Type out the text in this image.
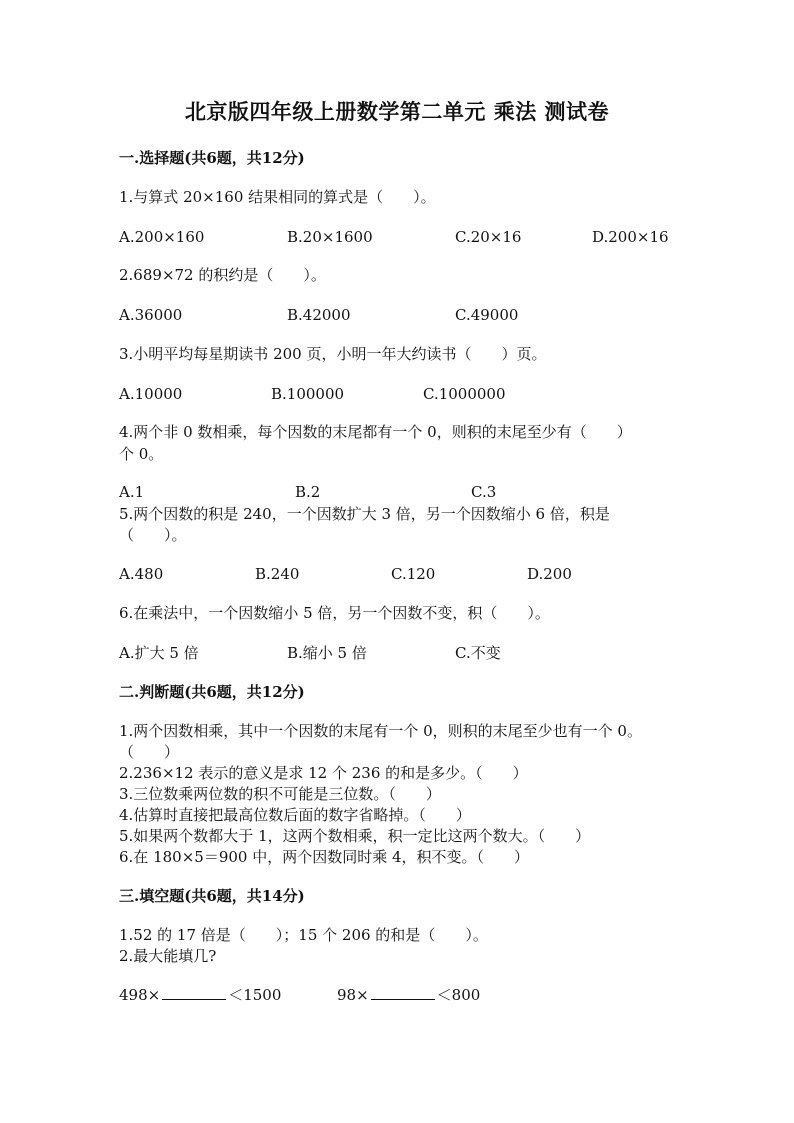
北京版四年级上册数学第二单元 乘法 测试卷
一.选择题(共6题，共12分)
1.与算式 20×160 结果相同的算式是（　　）。
A.200×160	B.20×1600	C.20×16	D.200×16
2.689×72 的积约是（　　）。
A.36000	B.42000	C.49000
3.小明平均每星期读书 200 页，小明一年大约读书（　　）页。
A.10000	B.100000	C.1000000
4.两个非 0 数相乘，每个因数的末尾都有一个 0，则积的末尾至少有（　　）
个 0。
A.1	B.2	C.3
5.两个因数的积是 240，一个因数扩大 3 倍，另一个因数缩小 6 倍，积是
（　　）。
A.480	B.240	C.120	D.200
6.在乘法中，一个因数缩小 5 倍，另一个因数不变，积（　　）。
A.扩大 5 倍	B.缩小 5 倍	C.不变
二.判断题(共6题，共12分)
1.两个因数相乘，其中一个因数的末尾有一个 0，则积的末尾至少也有一个 0。
（　　）
2.236×12 表示的意义是求 12 个 236 的和是多少。（　　）
3.三位数乘两位数的积不可能是三位数。（　　）
4.估算时直接把最高位数后面的数字省略掉。（　　）
5.如果两个数都大于 1，这两个数相乘，积一定比这两个数大。（　　）
6.在 180×5＝900 中，两个因数同时乘 4，积不变。（　　）
三.填空题(共6题，共14分)
1.52 的 17 倍是（　　）；15 个 206 的和是（　　）。
2.最大能填几?
498×	＜1500	98×	＜800
